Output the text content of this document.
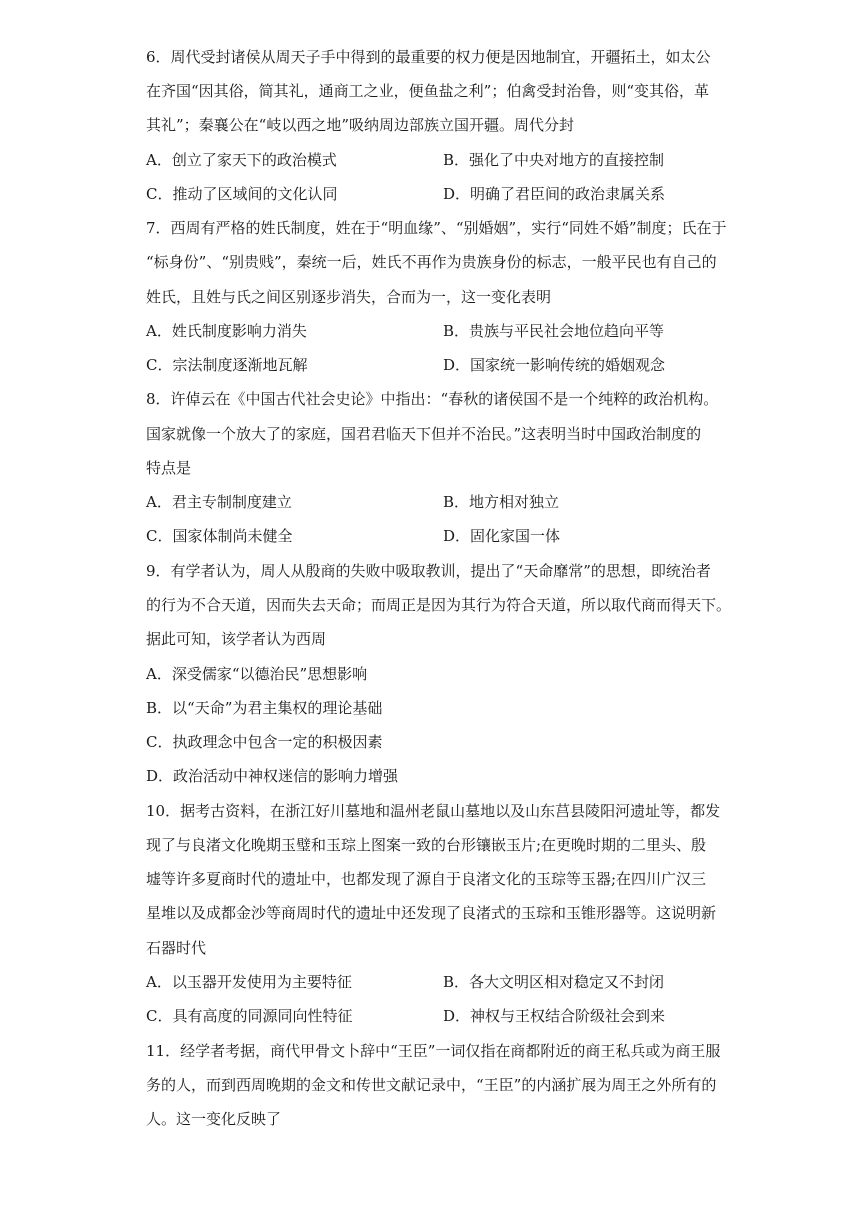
6．周代受封诸侯从周天子手中得到的最重要的权力便是因地制宜，开疆拓土，如太公
在齐国“因其俗，简其礼，通商工之业，便鱼盐之利”；伯禽受封治鲁，则“变其俗，革
其礼”；秦襄公在“岐以西之地”吸纳周边部族立国开疆。周代分封
A．创立了家天下的政治模式	B．强化了中央对地方的直接控制
C．推动了区域间的文化认同	D．明确了君臣间的政治隶属关系
7．西周有严格的姓氏制度，姓在于“明血缘”、“别婚姻”，实行“同姓不婚”制度；氏在于
“标身份”、“别贵贱”，秦统一后，姓氏不再作为贵族身份的标志，一般平民也有自己的
姓氏，且姓与氏之间区别逐步消失，合而为一，这一变化表明
A．姓氏制度影响力消失	B．贵族与平民社会地位趋向平等
C．宗法制度逐渐地瓦解	D．国家统一影响传统的婚姻观念
8．许倬云在《中国古代社会史论》中指出：“春秋的诸侯国不是一个纯粹的政治机构。
国家就像一个放大了的家庭，国君君临天下但并不治民。”这表明当时中国政治制度的
特点是
A．君主专制制度建立	B．地方相对独立
C．国家体制尚未健全	D．固化家国一体
9．有学者认为，周人从殷商的失败中吸取教训，提出了“天命靡常”的思想，即统治者
的行为不合天道，因而失去天命；而周正是因为其行为符合天道，所以取代商而得天下。
据此可知，该学者认为西周
A．深受儒家“以德治民”思想影响
B．以“天命”为君主集权的理论基础
C．执政理念中包含一定的积极因素
D．政治活动中神权迷信的影响力增强
10．据考古资料，在浙江好川墓地和温州老鼠山墓地以及山东莒县陵阳河遗址等，都发
现了与良渚文化晚期玉璧和玉琮上图案一致的台形镶嵌玉片;在更晚时期的二里头、殷
墟等许多夏商时代的遗址中，也都发现了源自于良渚文化的玉琮等玉器;在四川广汉三
星堆以及成都金沙等商周时代的遗址中还发现了良渚式的玉琮和玉锥形器等。这说明新
石器时代
A．以玉器开发使用为主要特征	B．各大文明区相对稳定又不封闭
C．具有高度的同源同向性特征	D．神权与王权结合阶级社会到来
11．经学者考据，商代甲骨文卜辞中“王臣”一词仅指在商都附近的商王私兵或为商王服
务的人，而到西周晚期的金文和传世文献记录中，“王臣”的内涵扩展为周王之外所有的
人。这一变化反映了
